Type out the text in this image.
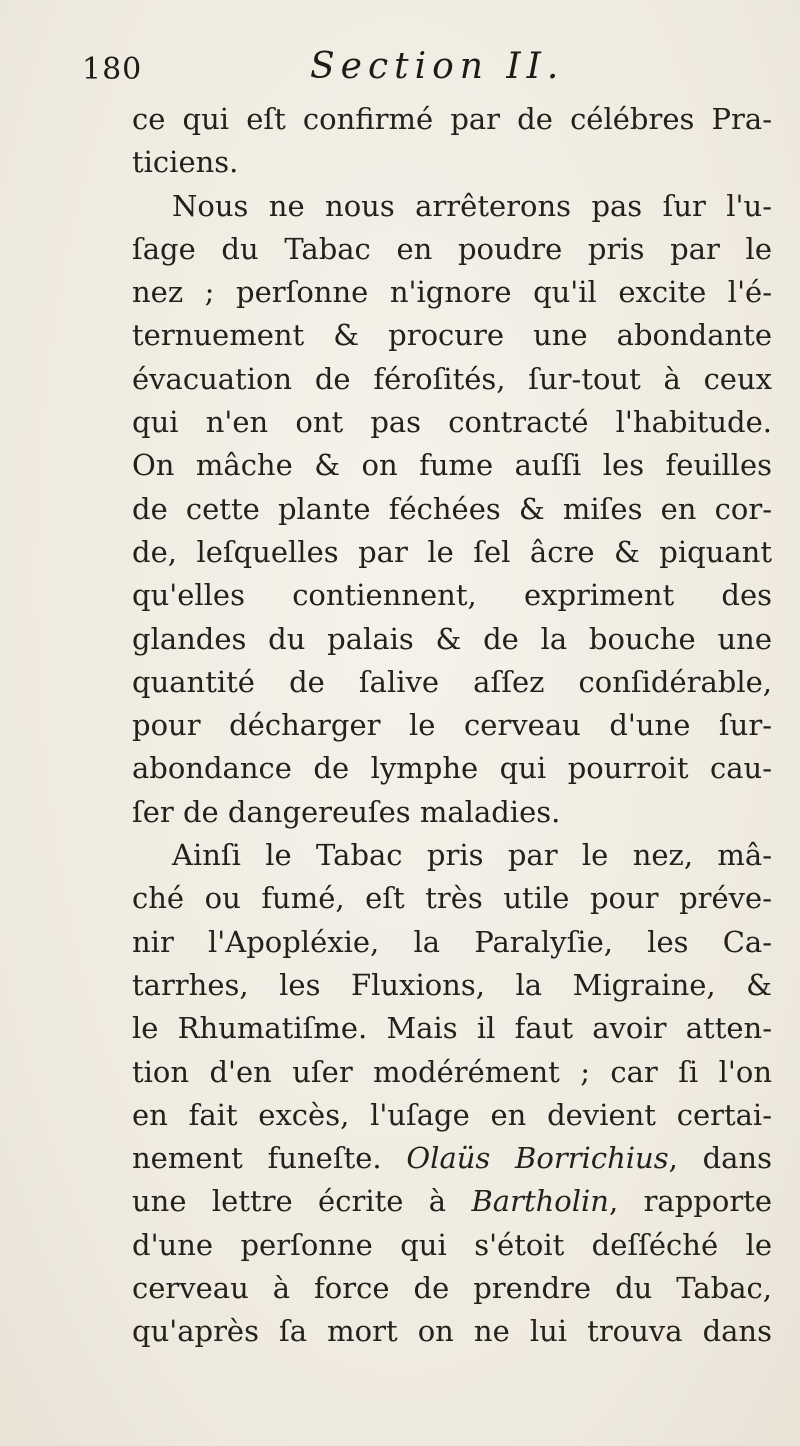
180	Section II.
ce qui eſt confirmé par de célébres Pra-
ticiens.
Nous ne nous arrêterons pas ſur l'u-
ſage du Tabac en poudre pris par le
nez ; perſonne n'ignore qu'il excite l'é-
ternuement & procure une abondante
évacuation de féroſités, ſur-tout à ceux
qui n'en ont pas contracté l'habitude.
On mâche & on fume auſſi les feuilles
de cette plante féchées & miſes en cor-
de, leſquelles par le ſel âcre & piquant
qu'elles contiennent, expriment des
glandes du palais & de la bouche une
quantité de ſalive aſſez conſidérable,
pour décharger le cerveau d'une ſur-
abondance de lymphe qui pourroit cau-
ſer de dangereuſes maladies.
Ainſi le Tabac pris par le nez, mâ-
ché ou fumé, eſt très utile pour préve-
nir l'Apopléxie, la Paralyſie, les Ca-
tarrhes, les Fluxions, la Migraine, &
le Rhumatiſme. Mais il faut avoir atten-
tion d'en uſer modérément ; car ſi l'on
en fait excès, l'uſage en devient certai-
nement funeſte. Olaüs Borrichius, dans
une lettre écrite à Bartholin, rapporte
d'une perſonne qui s'étoit deſſéché le
cerveau à force de prendre du Tabac,
qu'après ſa mort on ne lui trouva dans
